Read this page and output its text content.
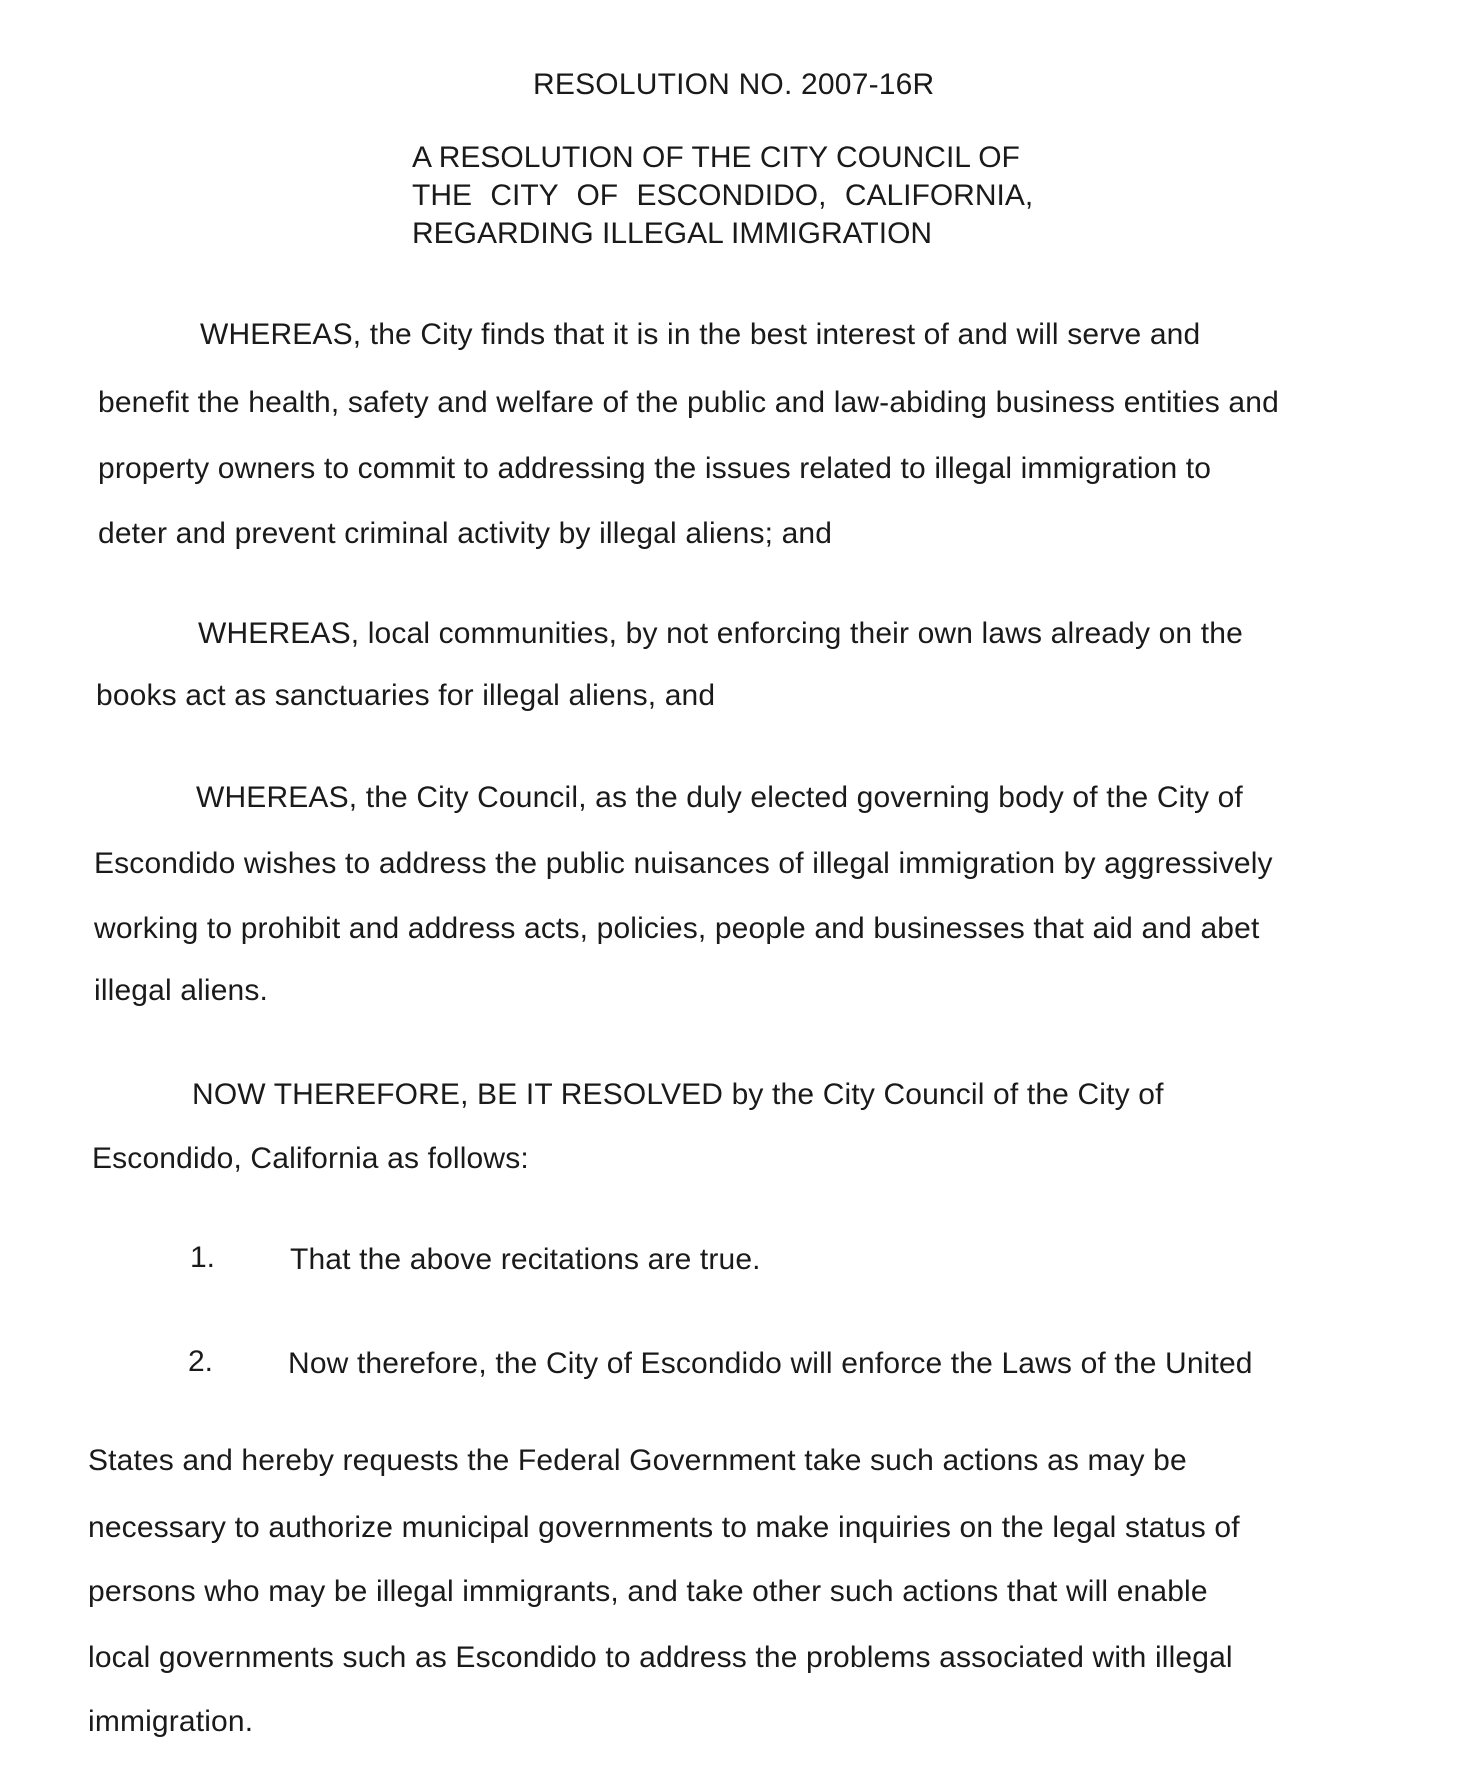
RESOLUTION NO. 2007-16R
A RESOLUTION OF THE CITY COUNCIL OF
THE CITY OF ESCONDIDO, CALIFORNIA,
REGARDING ILLEGAL IMMIGRATION
WHEREAS, the City finds that it is in the best interest of and will serve and
benefit the health, safety and welfare of the public and law-abiding business entities and
property owners to commit to addressing the issues related to illegal immigration to
deter and prevent criminal activity by illegal aliens; and
WHEREAS, local communities, by not enforcing their own laws already on the
books act as sanctuaries for illegal aliens, and
WHEREAS, the City Council, as the duly elected governing body of the City of
Escondido wishes to address the public nuisances of illegal immigration by aggressively
working to prohibit and address acts, policies, people and businesses that aid and abet
illegal aliens.
NOW THEREFORE, BE IT RESOLVED by the City Council of the City of
Escondido, California as follows:
1. That the above recitations are true.
2. Now therefore, the City of Escondido will enforce the Laws of the United
States and hereby requests the Federal Government take such actions as may be
necessary to authorize municipal governments to make inquiries on the legal status of
persons who may be illegal immigrants, and take other such actions that will enable
local governments such as Escondido to address the problems associated with illegal
immigration.
